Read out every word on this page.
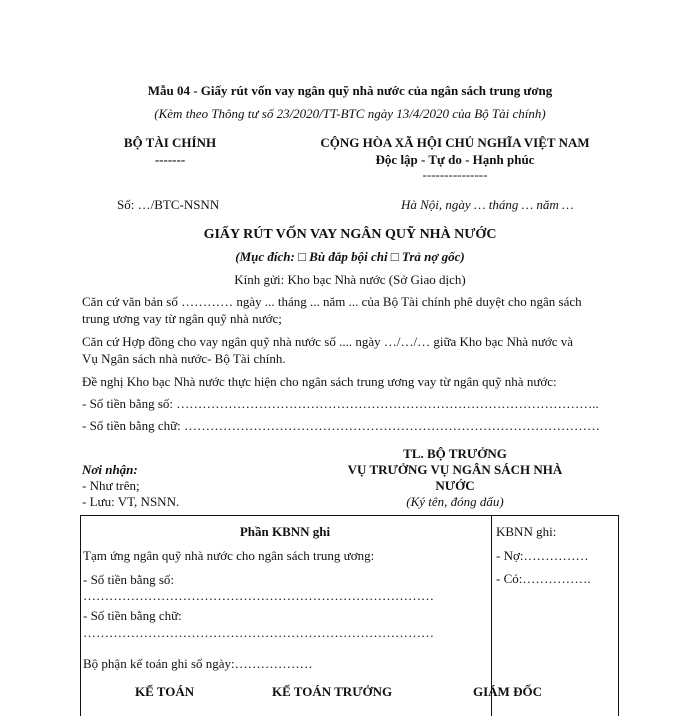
Mẫu 04 - Giấy rút vốn vay ngân quỹ nhà nước của ngân sách trung ương
(Kèm theo Thông tư số 23/2020/TT-BTC ngày 13/4/2020 của Bộ Tài chính)
BỘ TÀI CHÍNH
-------
CỘNG HÒA XÃ HỘI CHỦ NGHĨA VIỆT NAM
Độc lập - Tự do - Hạnh phúc
---------------
Số: …/BTC-NSNN	Hà Nội, ngày … tháng … năm …
GIẤY RÚT VỐN VAY NGÂN QUỸ NHÀ NƯỚC
(Mục đích: □ Bù đắp bội chi □ Trả nợ gốc)
Kính gửi: Kho bạc Nhà nước (Sở Giao dịch)
Căn cứ văn bản số ………… ngày ... tháng ... năm ... của Bộ Tài chính phê duyệt cho ngân sách
trung ương vay từ ngân quỹ nhà nước;
Căn cứ Hợp đồng cho vay ngân quỹ nhà nước số .... ngày …/…/… giữa Kho bạc Nhà nước và
Vụ Ngân sách nhà nước- Bộ Tài chính.
Đề nghị Kho bạc Nhà nước thực hiện cho ngân sách trung ương vay từ ngân quỹ nhà nước:
- Số tiền bằng số: ……………………………………………………………………………………..
- Số tiền bằng chữ: ……………………………………………………………………………………
TL. BỘ TRƯỞNG
VỤ TRƯỞNG VỤ NGÂN SÁCH NHÀ
NƯỚC
(Ký tên, đóng dấu)
Nơi nhận:
- Như trên;
- Lưu: VT, NSNN.
Phần KBNN ghi
Tạm ứng ngân quỹ nhà nước cho ngân sách trung ương:
- Số tiền bằng số:
………………………………………………………………………
- Số tiền bằng chữ:
………………………………………………………………………
Bộ phận kế toán ghi sổ ngày:………………
KẾ TOÁN	KẾ TOÁN TRƯỞNG	GIÁM ĐỐC
KBNN ghi:
- Nợ:……………
- Có:…………….
